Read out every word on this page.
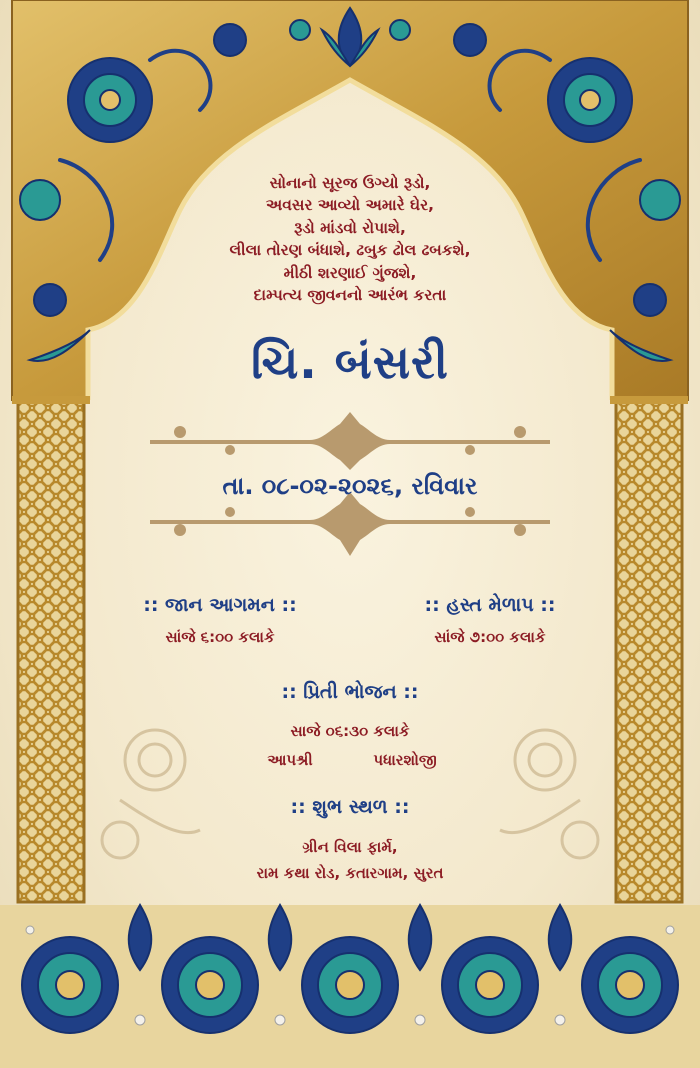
સોનાનો સૂરજ ઉગ્યો રૂડો,
અવસર આવ્યો અમારે ઘેર,
રૂડો માંડવો રોપાશે,
લીલા તોરણ બંધાશે, ઢબુક ઢોલ ઢબકશે,
મીઠી શરણાઈ ગુંજશે,
દામ્પત્ય જીવનનો આરંભ કરતા
ચિ. બંસરી
તા. ૦૮-૦૨-૨૦૨૬, રવિવાર
:: જાન આગમન ::
સાંજે ૬:૦૦ કલાકે
:: હસ્ત મેળાપ ::
સાંજે ૭:૦૦ કલાકે
:: પ્રિતી ભોજન ::
સાજે ૦૬:૩૦ કલાકે
આપશ્રી	પધારશોજી
:: શુભ સ્થળ ::
ગ્રીન વિલા ફાર્મ,
રામ કથા રોડ, કતારગામ, સુરત
